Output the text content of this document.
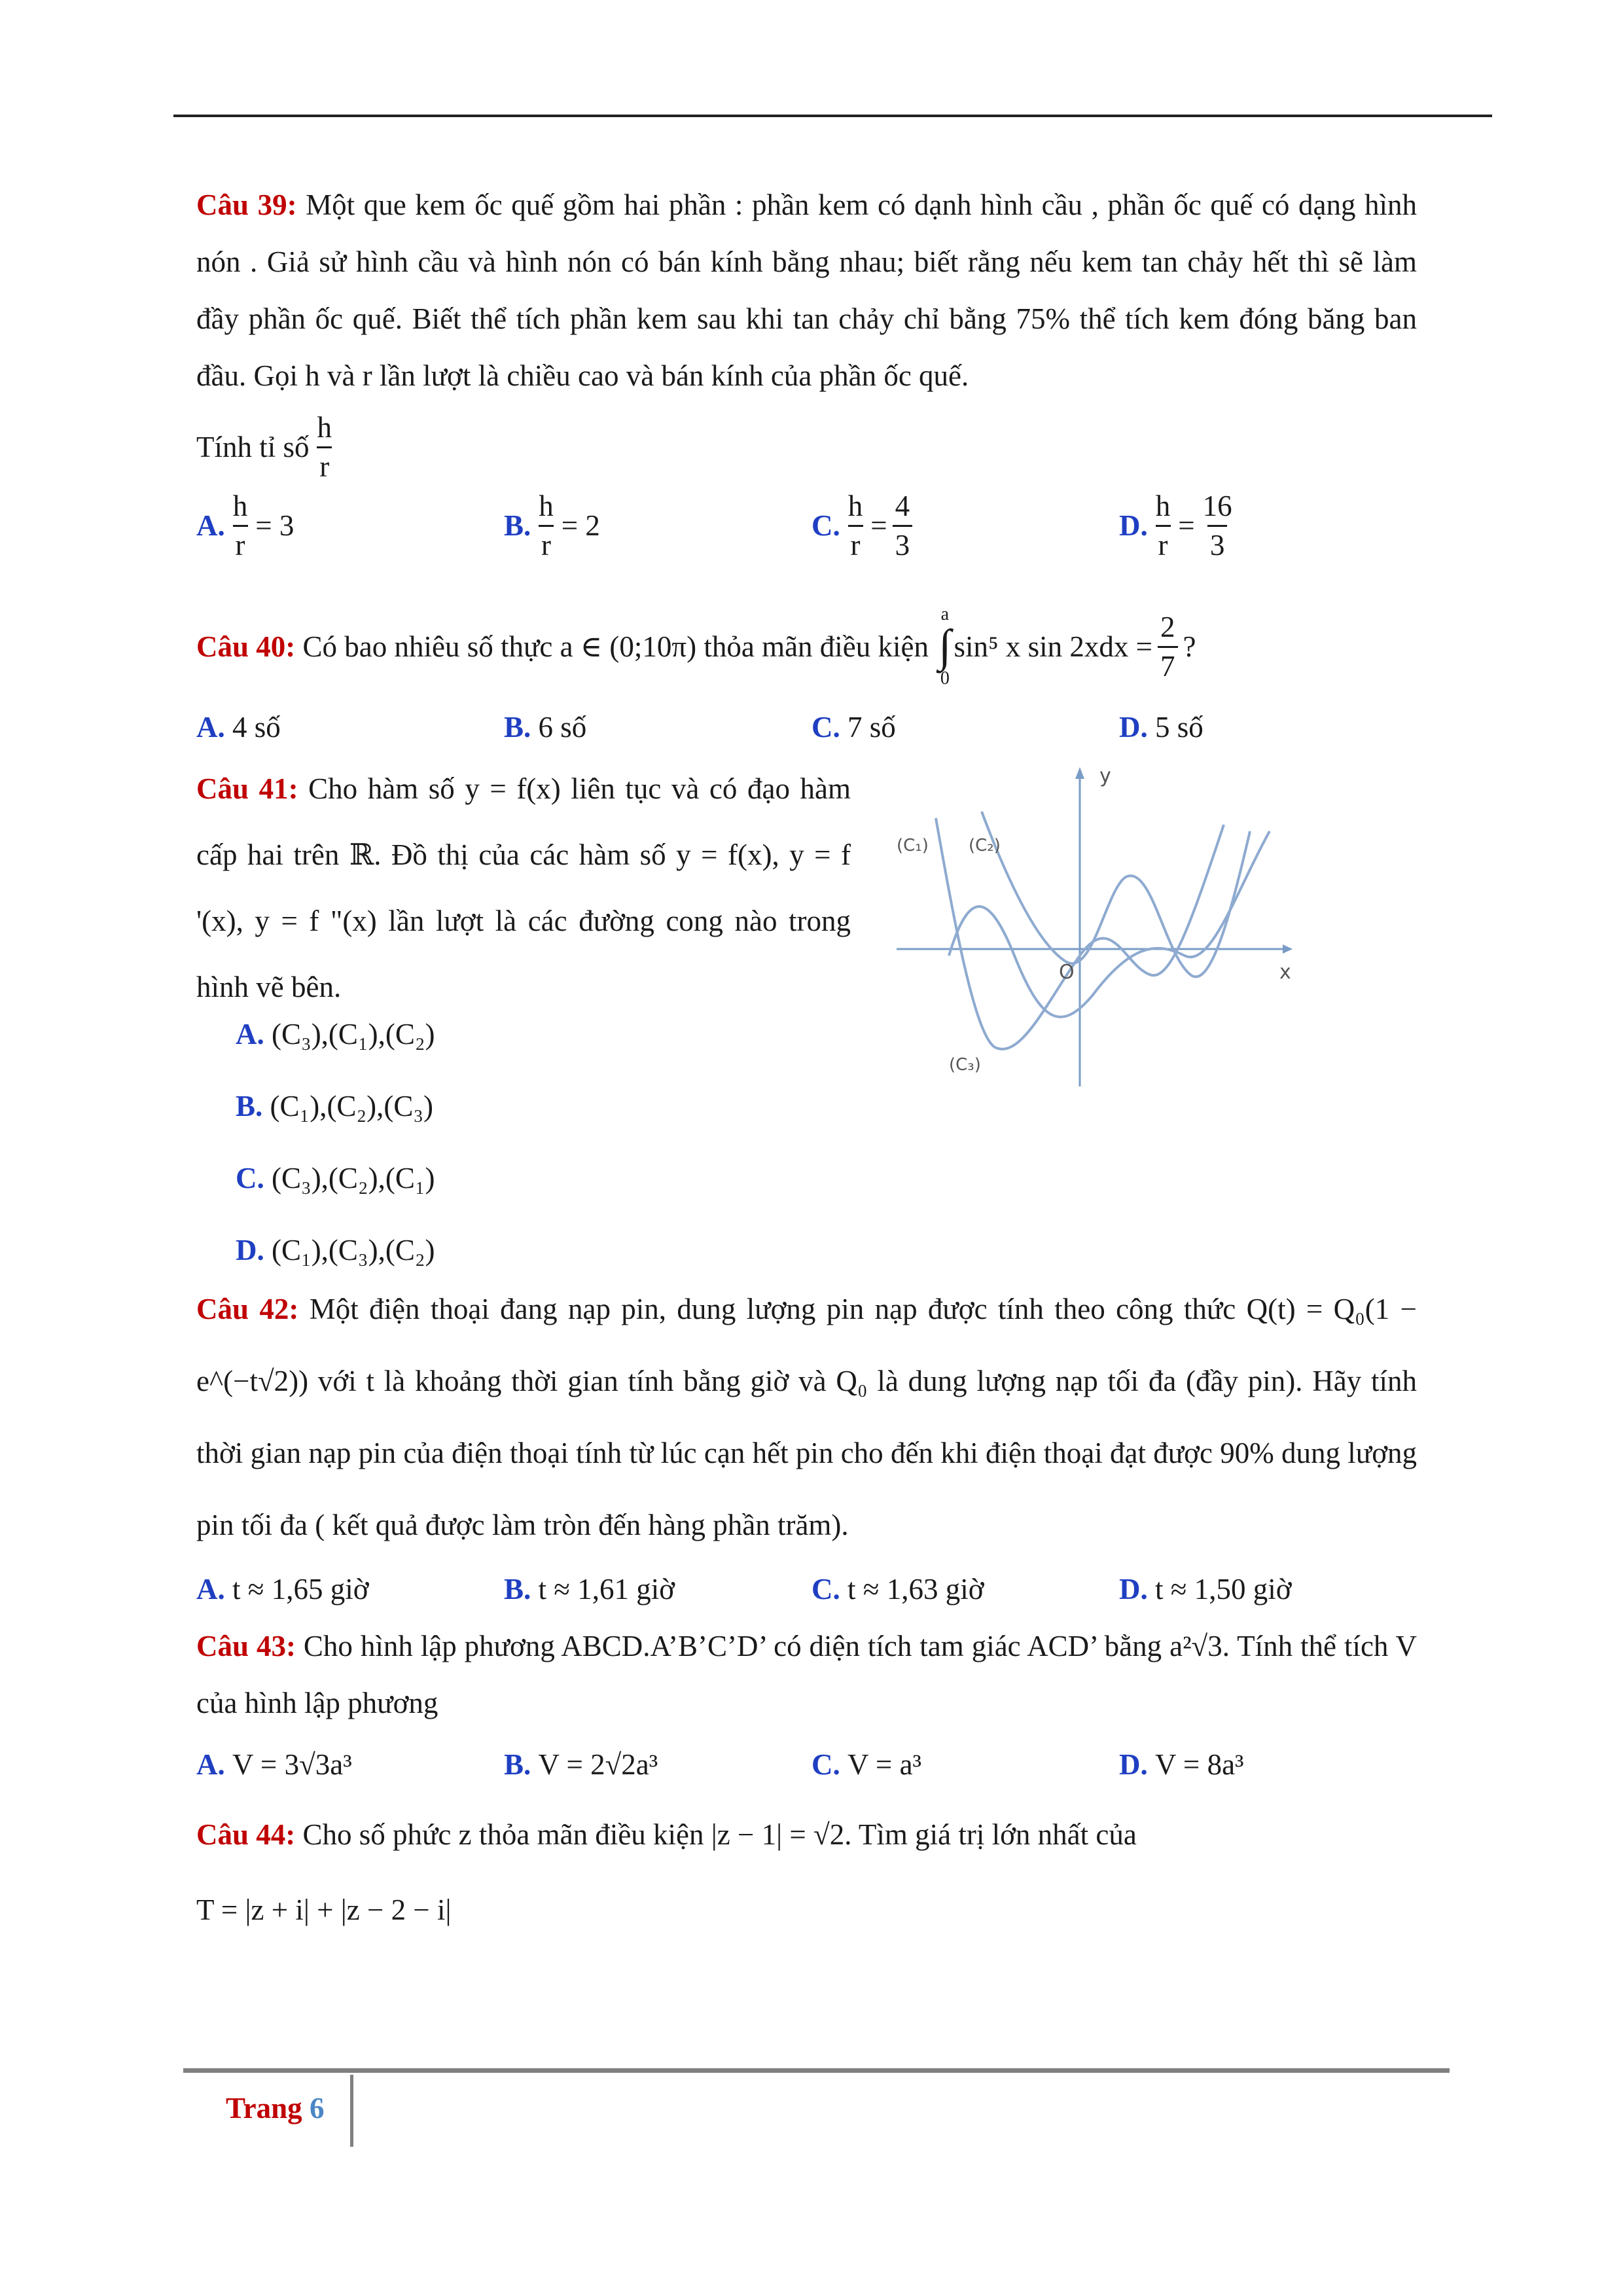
Câu 39: Một que kem ốc quế gồm hai phần : phần kem có dạnh hình cầu , phần ốc quế có dạng hình nón . Giả sử hình cầu và hình nón có bán kính bằng nhau; biết rằng nếu kem tan chảy hết thì sẽ làm đầy phần ốc quế. Biết thể tích phần kem sau khi tan chảy chỉ bằng 75% thể tích kem đóng băng ban đầu. Gọi h và r lần lượt là chiều cao và bán kính của phần ốc quế.
Tính tỉ số $\frac{h}{r}$
A. $\frac{h}{r} = 3$	B. $\frac{h}{r} = 2$	C. $\frac{h}{r} = \frac{4}{3}$	D. $\frac{h}{r} = \frac{16}{3}$
Câu 40:
Có bao nhiêu số thực
a ∈ (0;10π)
thỏa mãn điều kiện

a
∫
0
sin⁵ x $\sin 2xdx = \frac{2}{7}$ ?
A.
4 số	B.
6 số	C.
7 số	D.
5 số
Câu 41: Cho hàm số y = f(x) liên tục và có đạo hàm cấp hai trên ℝ. Đồ thị của các hàm số y = f(x), y = f '(x), y = f "(x) lần lượt là các đường cong nào trong hình vẽ bên.
y
x
O
(C₁) (C₂)
(C₃)
A.
(C₃),(C₁),(C₂)
B.
(C₁),(C₂),(C₃)
C.
(C₃),(C₂),(C₁)
D.
(C₁),(C₃),(C₂)
Câu 42: Một điện thoại đang nạp pin, dung lượng pin nạp được tính theo công thức Q(t) = Q₀(1 − e^(−t√2)) với t là khoảng thời gian tính bằng giờ và Q₀ là dung lượng nạp tối đa (đầy pin). Hãy tính thời gian nạp pin của điện thoại tính từ lúc cạn hết pin cho đến khi điện thoại đạt được 90% dung lượng pin tối đa ( kết quả được làm tròn đến hàng phần trăm).
A.
t ≈ 1,65 giờ	B.
t ≈ 1,61 giờ	C.
t ≈ 1,63 giờ	D.
t ≈ 1,50 giờ
Câu 43: Cho hình lập phương ABCD.A’B’C’D’ có diện tích tam giác ACD’ bằng a²√3. Tính thể tích V của hình lập phương
A.
V = 3√3a³	B.
V = 2√2a³	C.
V = a³	D.
V = 8a³
Câu 44: Cho số phức z thỏa mãn điều kiện |z − 1| = √2. Tìm giá trị lớn nhất của
T = |z + i| + |z − 2 − i|
Trang 6
